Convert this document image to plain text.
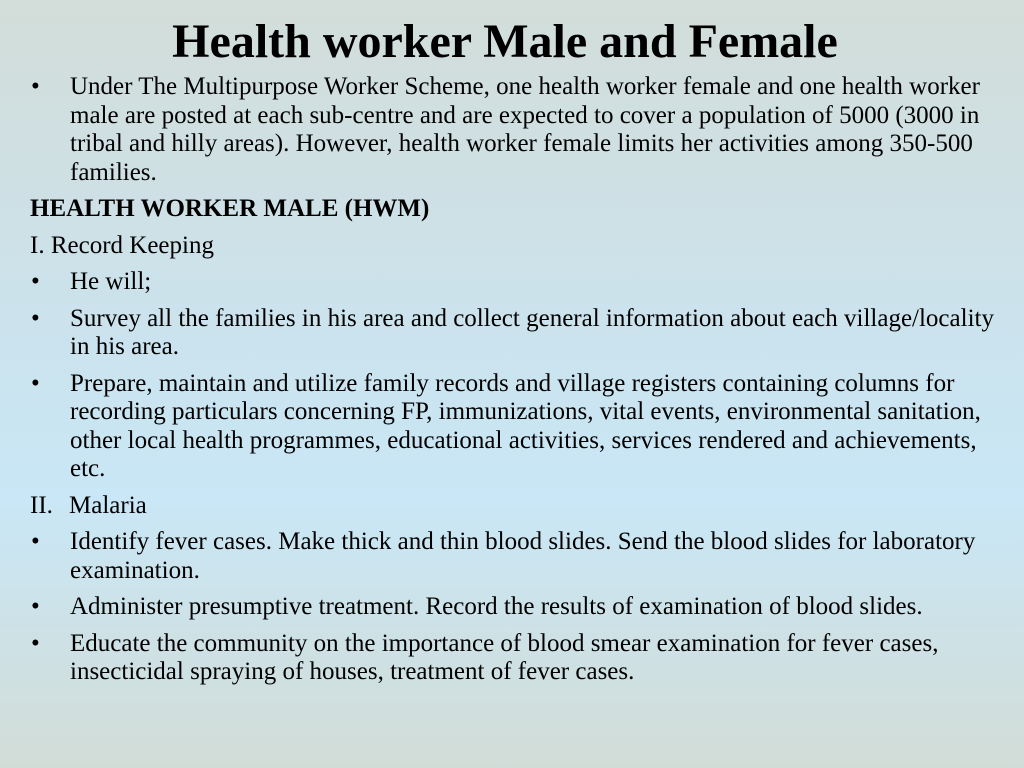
Health worker Male and Female
•	Under The Multipurpose Worker Scheme, one health worker female and one health worker male are posted at each sub-centre and are expected to cover a population of 5000 (3000 in tribal and hilly areas). However, health worker female limits her activities among 350-500 families.
HEALTH WORKER MALE (HWM)
I. Record Keeping
•	He will;
•	Survey all the families in his area and collect general information about each village/locality in his area.
•	Prepare, maintain and utilize family records and village registers containing columns for recording particulars concerning FP, immunizations, vital events, environmental sanitation, other local health programmes, educational activities, services rendered and achievements, etc.
II. Malaria
•	Identify fever cases. Make thick and thin blood slides. Send the blood slides for laboratory examination.
•	Administer presumptive treatment. Record the results of examination of blood slides.
•	Educate the community on the importance of blood smear examination for fever cases, insecticidal spraying of houses, treatment of fever cases.
